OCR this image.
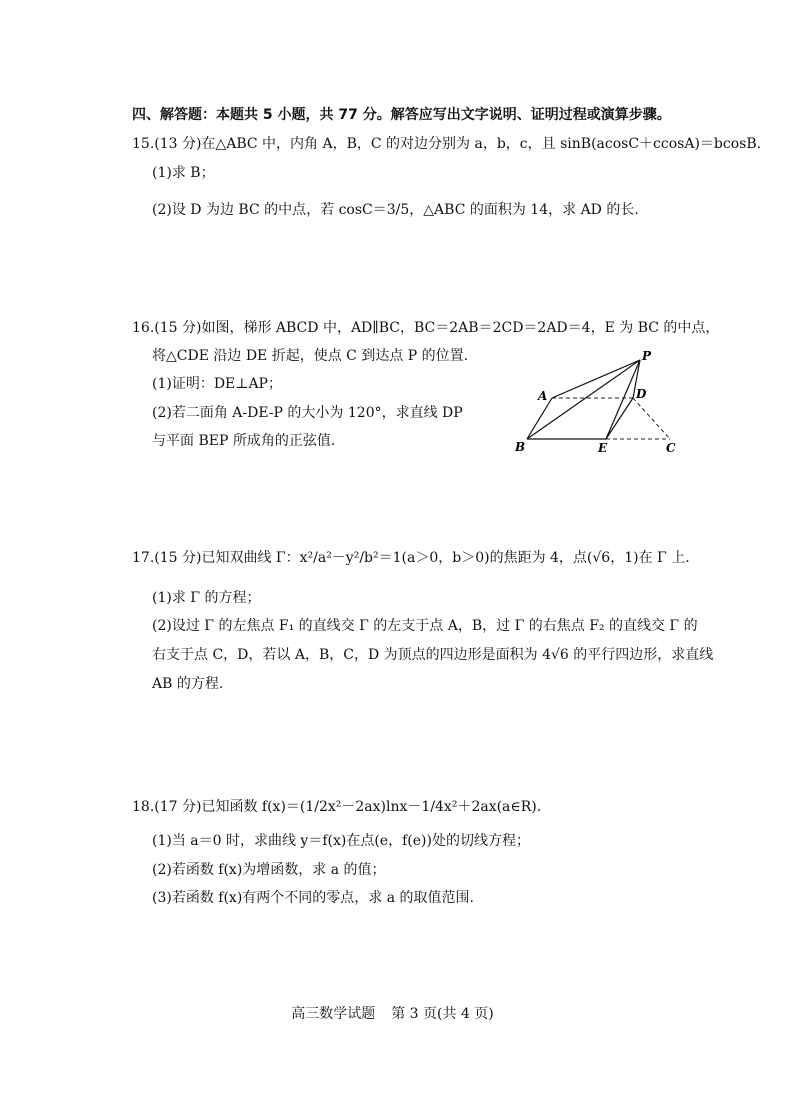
四、解答题：本题共 5 小题，共 77 分。解答应写出文字说明、证明过程或演算步骤。
15.(13 分)在△ABC 中，内角 A，B，C 的对边分别为 a，b，c，且 sinB(acosC＋ccosA)＝bcosB.
(1)求 B；
(2)设 D 为边 BC 的中点，若 cosC＝3/5，△ABC 的面积为 14，求 AD 的长.
16.(15 分)如图，梯形 ABCD 中，AD∥BC，BC＝2AB＝2CD＝2AD＝4，E 为 BC 的中点，
将△CDE 沿边 DE 折起，使点 C 到达点 P 的位置.
(1)证明：DE⊥AP；
(2)若二面角 A-DE-P 的大小为 120°，求直线 DP
与平面 BEP 所成角的正弦值.
P
A	D
B	E	C
17.(15 分)已知双曲线 Γ：x²/a²－y²/b²＝1(a＞0，b＞0)的焦距为 4，点(√6，1)在 Γ 上.
(1)求 Γ 的方程；
(2)设过 Γ 的左焦点 F₁ 的直线交 Γ 的左支于点 A，B，过 Γ 的右焦点 F₂ 的直线交 Γ 的
右支于点 C，D，若以 A，B，C，D 为顶点的四边形是面积为 4√6 的平行四边形，求直线
AB 的方程.
18.(17 分)已知函数 f(x)＝(1/2x²－2ax)lnx－1/4x²＋2ax(a∈R).
(1)当 a＝0 时，求曲线 y＝f(x)在点(e，f(e))处的切线方程；
(2)若函数 f(x)为增函数，求 a 的值；
(3)若函数 f(x)有两个不同的零点，求 a 的取值范围.
高三数学试题 第 3 页(共 4 页)
